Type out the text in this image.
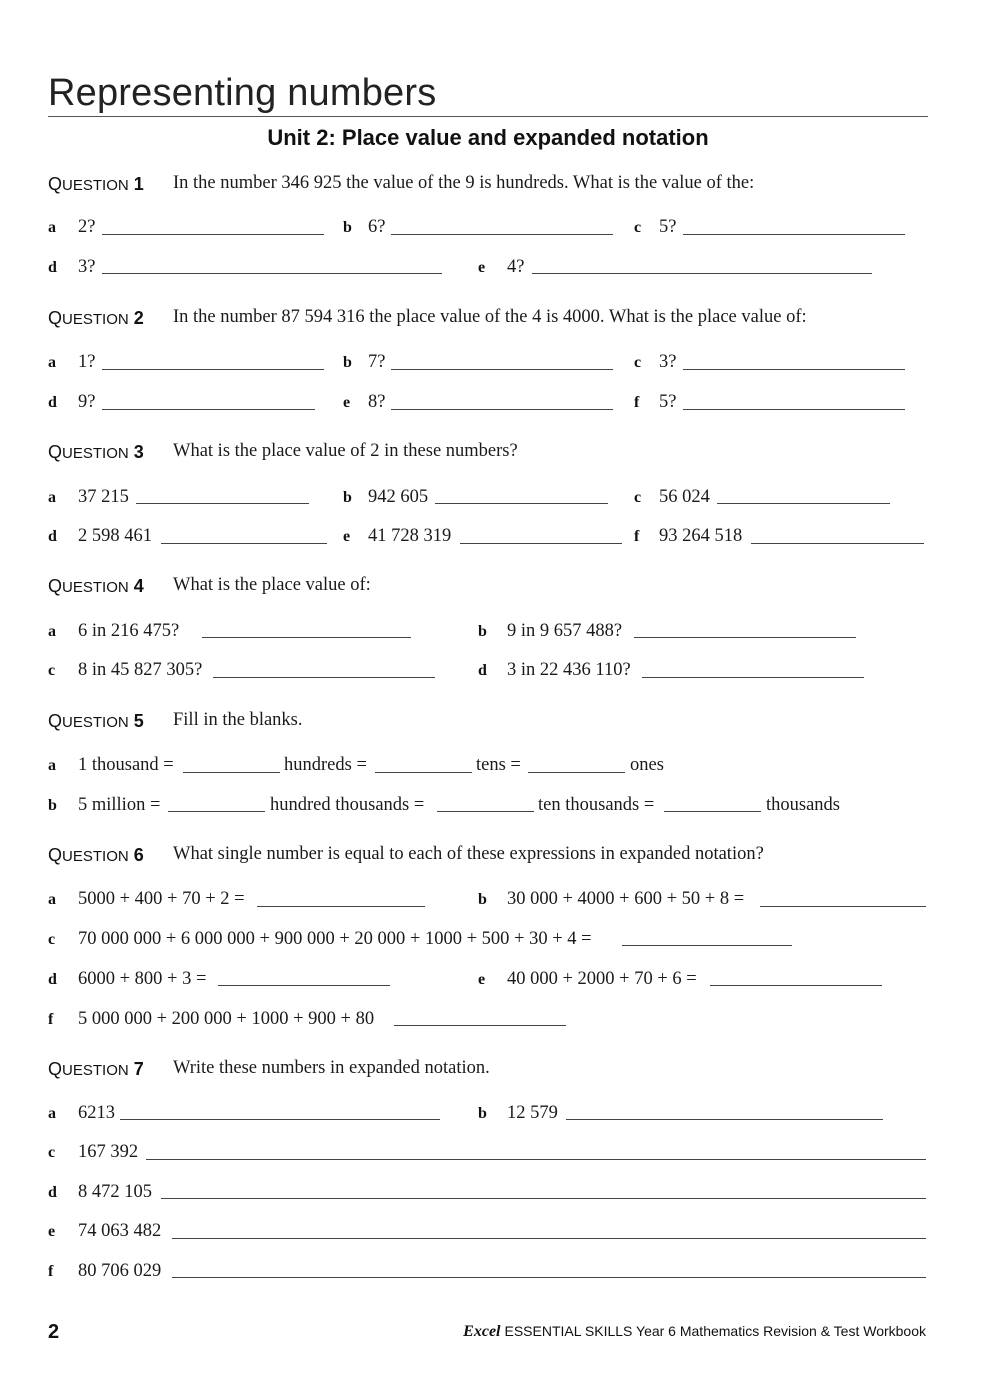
Representing numbers
Unit 2: Place value and expanded notation
QUESTION 1 In the number 346 925 the value of the 9 is hundreds. What is the value of the:
a 2?	b 6?	c 5?
d 3?	e 4?
QUESTION 2 In the number 87 594 316 the place value of the 4 is 4000. What is the place value of:
a 1?	b 7?	c 3?
d 9?	e 8?	f 5?
QUESTION 3 What is the place value of 2 in these numbers?
a 37 215	b 942 605	c 56 024
d 2 598 461	e 41 728 319	f 93 264 518
QUESTION 4 What is the place value of:
a 6 in 216 475?	b 9 in 9 657 488?
c 8 in 45 827 305?	d 3 in 22 436 110?
QUESTION 5 Fill in the blanks.
a 1 thousand =	hundreds =	tens =	ones
b 5 million =	hundred thousands =	ten thousands =	thousands
QUESTION 6 What single number is equal to each of these expressions in expanded notation?
a 5000 + 400 + 70 + 2 =	b 30 000 + 4000 + 600 + 50 + 8 =
c 70 000 000 + 6 000 000 + 900 000 + 20 000 + 1000 + 500 + 30 + 4 =
d 6000 + 800 + 3 =	e 40 000 + 2000 + 70 + 6 =
f 5 000 000 + 200 000 + 1000 + 900 + 80
QUESTION 7 Write these numbers in expanded notation.
a 6213	b 12 579
c 167 392
d 8 472 105
e 74 063 482
f 80 706 029
2	Excel ESSENTIAL SKILLS Year 6 Mathematics Revision & Test Workbook
